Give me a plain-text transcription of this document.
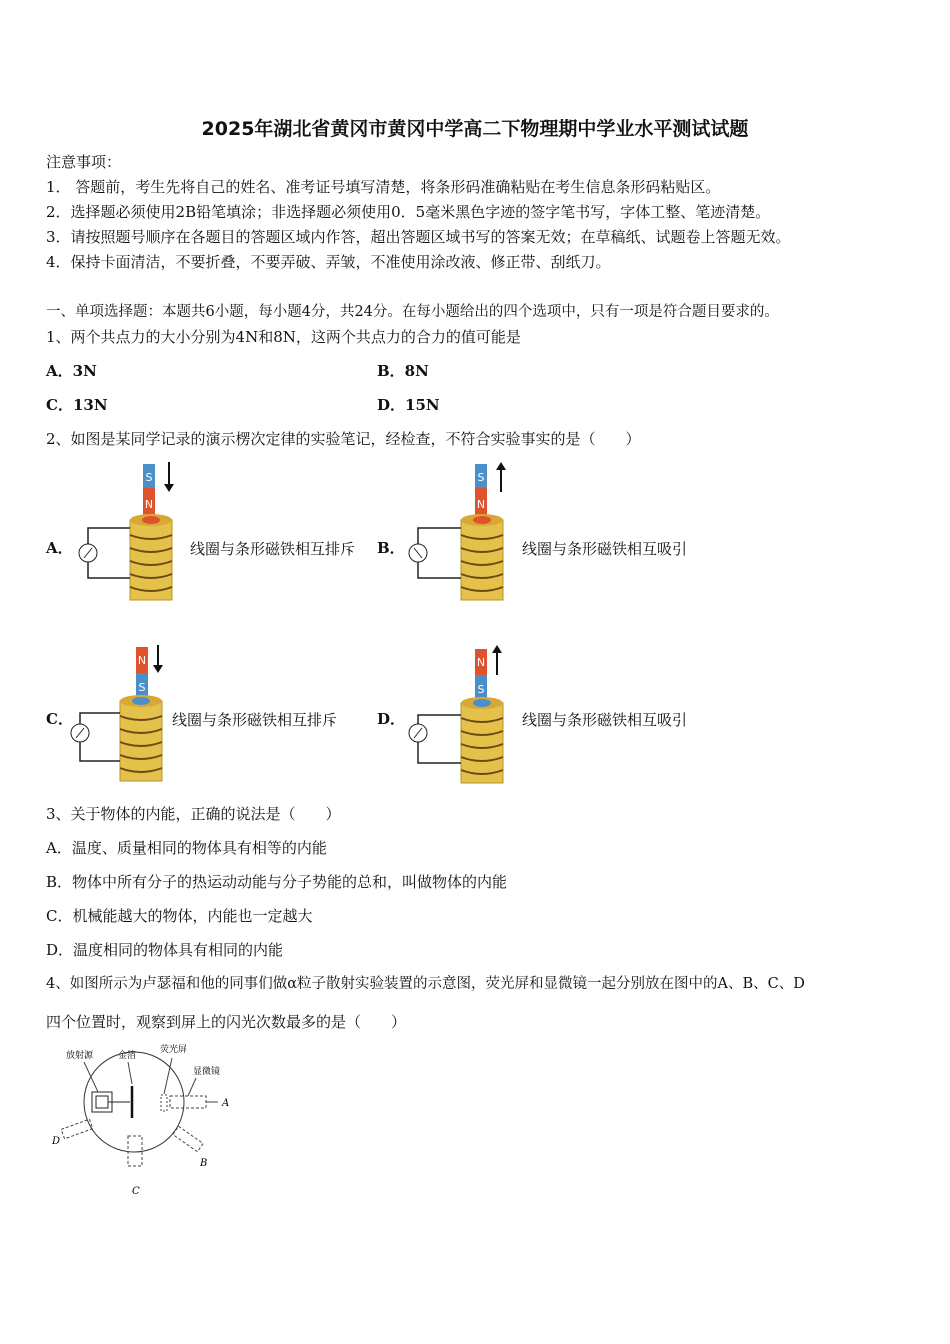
2025年湖北省黄冈市黄冈中学高二下物理期中学业水平测试试题
注意事项：
1． 答题前，考生先将自己的姓名、准考证号填写清楚，将条形码准确粘贴在考生信息条形码粘贴区。
2．选择题必须使用2B铅笔填涂；非选择题必须使用0．5毫米黑色字迹的签字笔书写，字体工整、笔迹清楚。
3．请按照题号顺序在各题目的答题区域内作答，超出答题区域书写的答案无效；在草稿纸、试题卷上答题无效。
4．保持卡面清洁，不要折叠，不要弄破、弄皱，不准使用涂改液、修正带、刮纸刀。
一、单项选择题：本题共6小题，每小题4分，共24分。在每小题给出的四个选项中，只有一项是符合题目要求的。
1、两个共点力的大小分别为4N和8N，这两个共点力的合力的值可能是
A．3N	B．8N
C．13N	D．15N
2、如图是某同学记录的演示楞次定律的实验笔记，经检查，不符合实验事实的是（　　）
A．
S
N
线圈与条形磁铁相互排斥 B．
S
N
线圈与条形磁铁相互吸引
C．
N
S
线圈与条形磁铁相互排斥	D．
N
S
线圈与条形磁铁相互吸引
3、关于物体的内能，正确的说法是（　　）
A．温度、质量相同的物体具有相等的内能
B．物体中所有分子的热运动动能与分子势能的总和，叫做物体的内能
C．机械能越大的物体，内能也一定越大
D．温度相同的物体具有相同的内能
4、如图所示为卢瑟福和他的同事们做α粒子散射实验装置的示意图，荧光屏和显微镜一起分别放在图中的A、B、C、D
四个位置时，观察到屏上的闪光次数最多的是（　　）
放射源	金箔
荧光屏
显微镜
A
B
C
D
